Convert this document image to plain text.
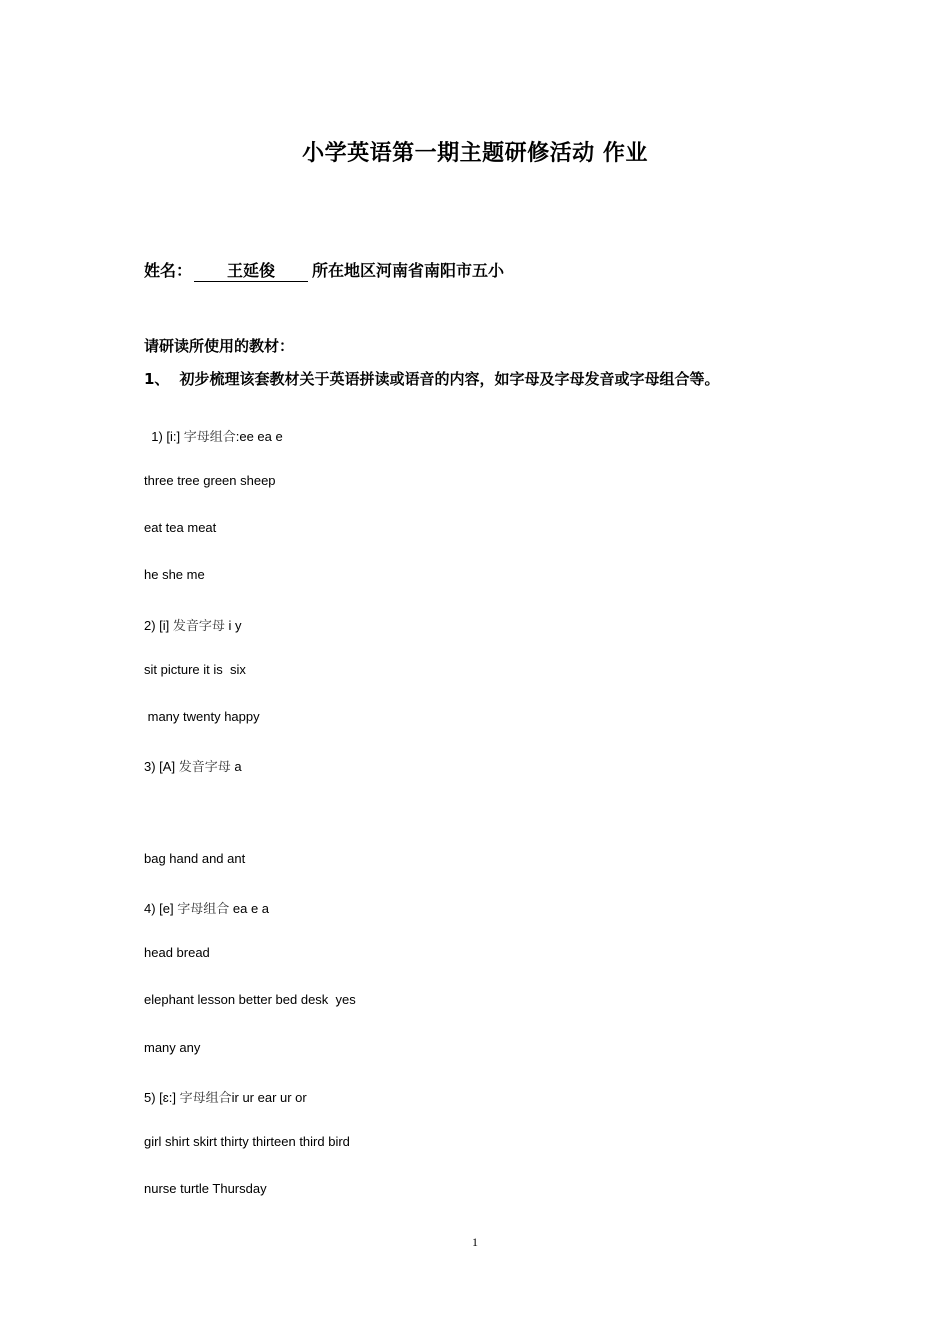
小学英语第一期主题研修活动 作业
姓名： 王延俊 所在地区河南省南阳市五小
请研读所使用的教材：
1、 初步梳理该套教材关于英语拼读或语音的内容，如字母及字母发音或字母组合等。
1) [i:] 字母组合:ee ea e
three tree green sheep
eat tea meat
he she me
2) [i] 发音字母 i y
sit picture it is  six
many twenty happy
3) [A] 发音字母 a
bag hand and ant
4) [e] 字母组合 ea e a
head bread
elephant lesson better bed desk  yes
many any
5) [ɛ:] 字母组合ir ur ear ur or
girl shirt skirt thirty thirteen third bird
nurse turtle Thursday
1
